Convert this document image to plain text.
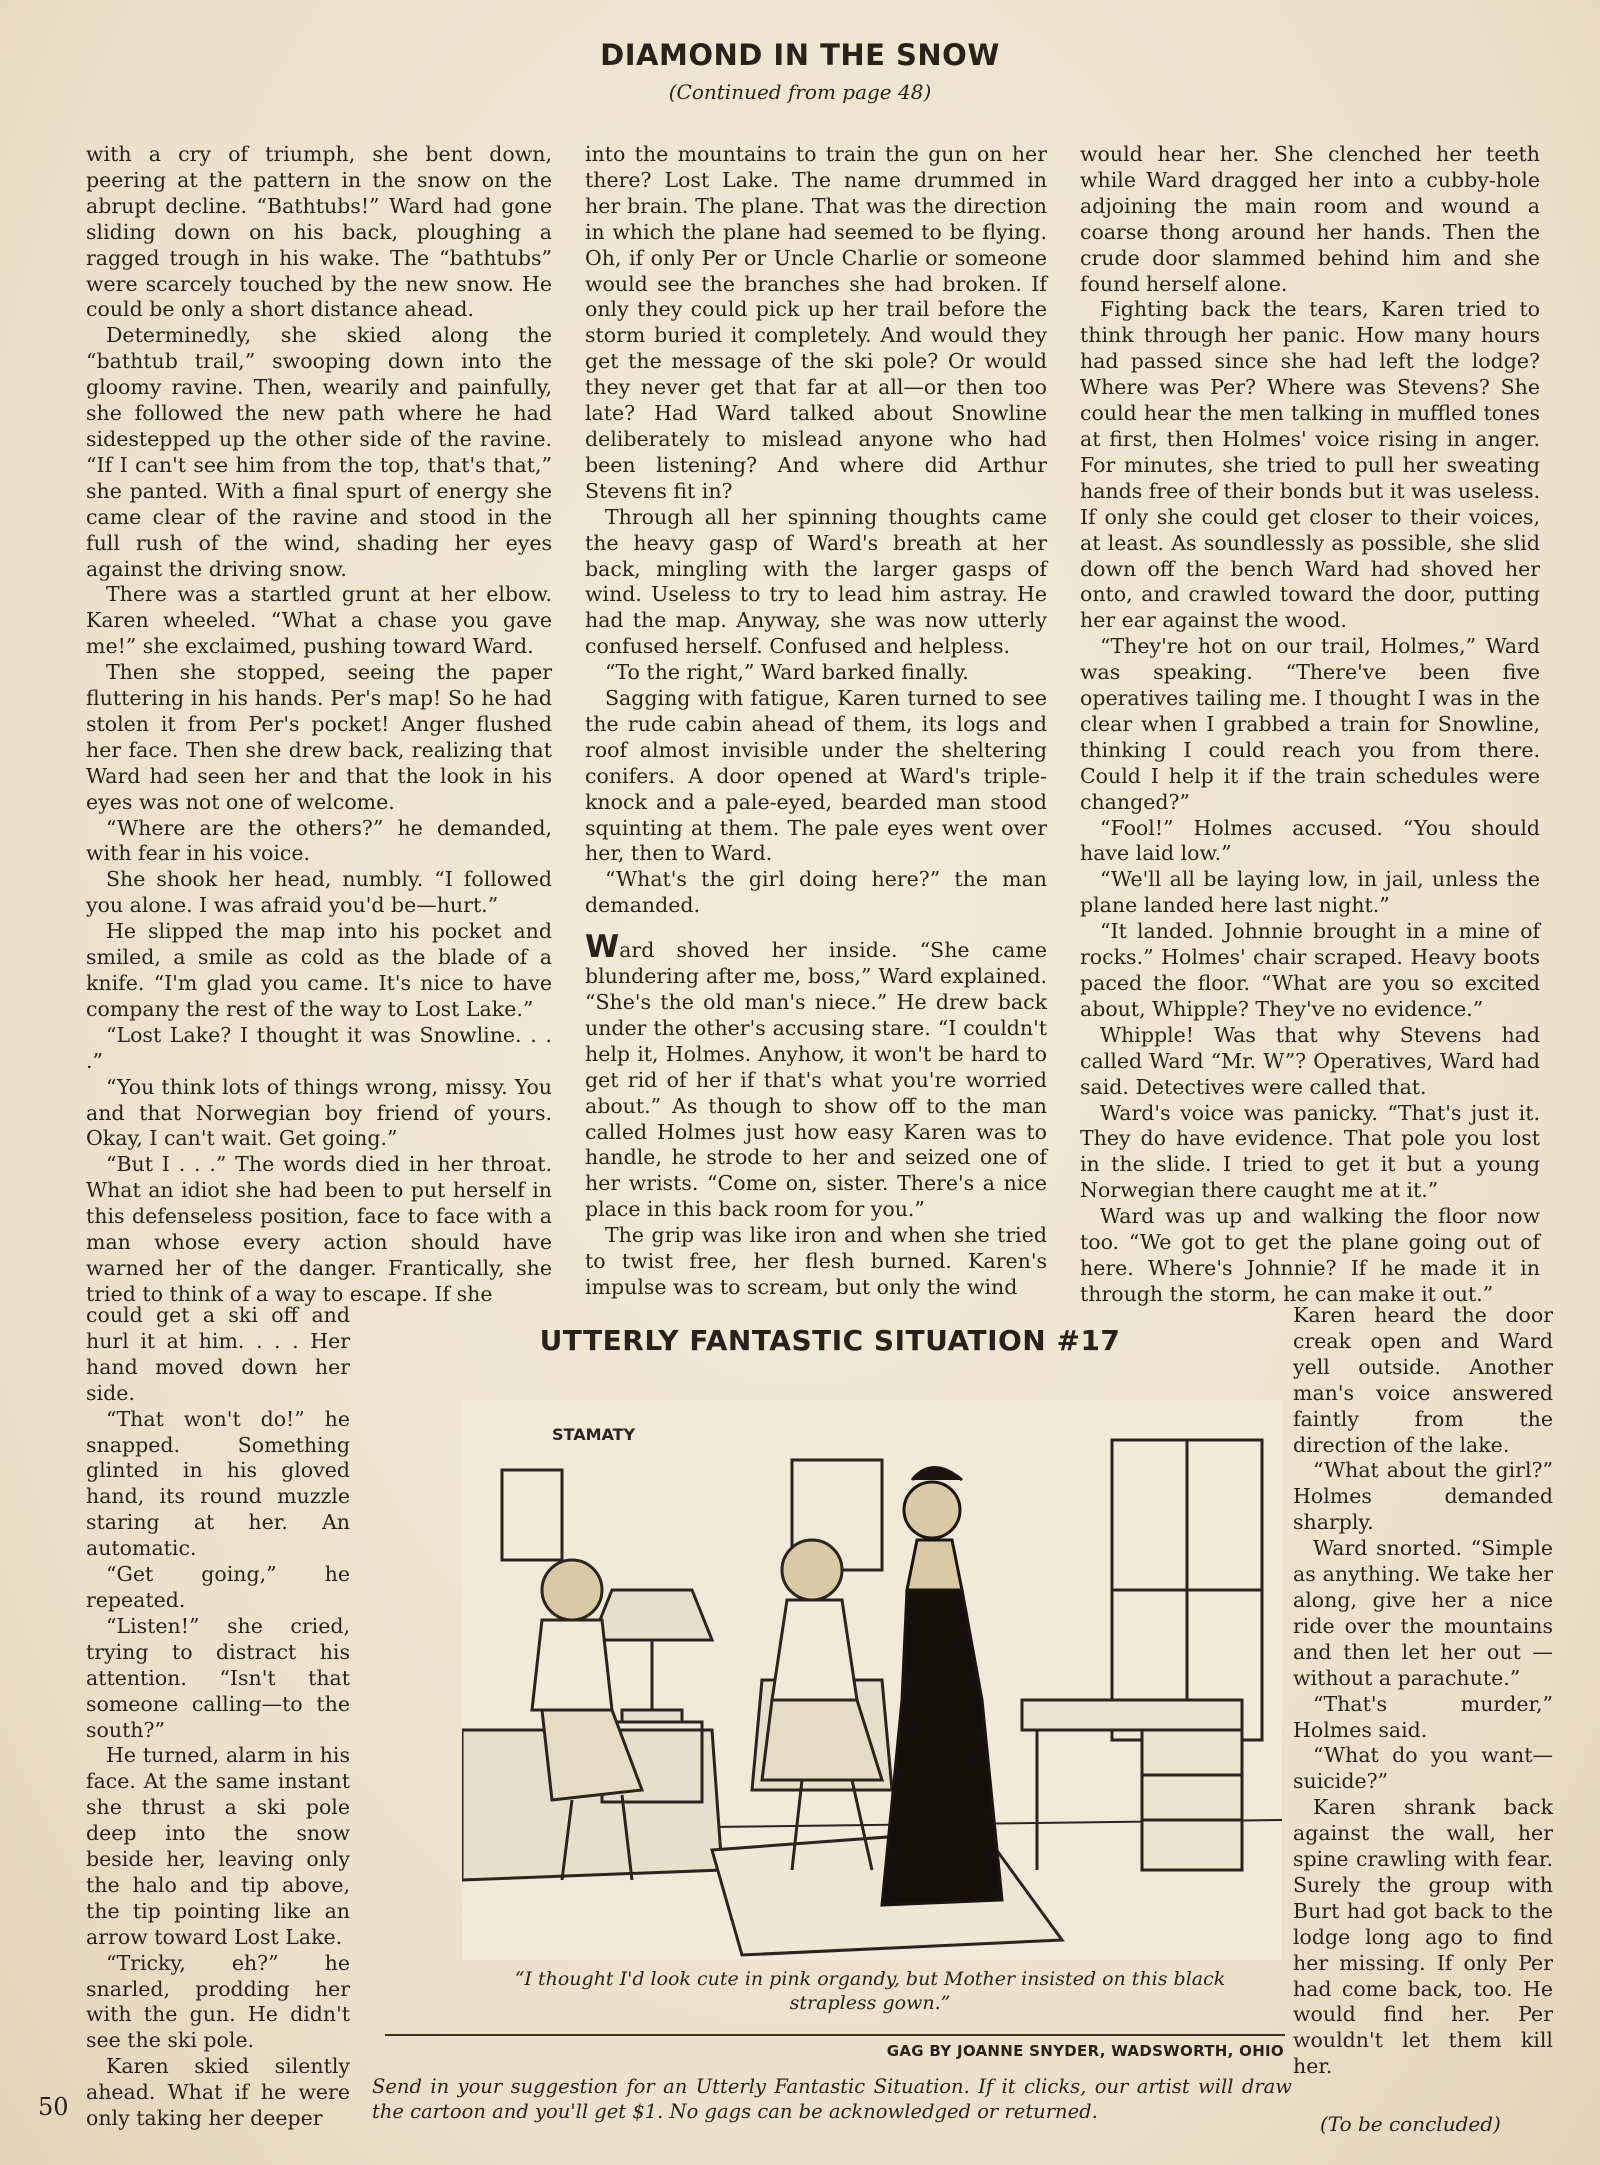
DIAMOND IN THE SNOW
(Continued from page 48)

with a cry of triumph, she bent down, peering at the pattern in the snow on the abrupt decline. “Bathtubs!” Ward had gone sliding down on his back, ploughing a ragged trough in his wake. The “bathtubs” were scarcely touched by the new snow. He could be only a short distance ahead.

Determinedly, she skied along the “bathtub trail,” swooping down into the gloomy ravine. Then, wearily and painfully, she followed the new path where he had sidestepped up the other side of the ravine. “If I can't see him from the top, that's that,” she panted. With a final spurt of energy she came clear of the ravine and stood in the full rush of the wind, shading her eyes against the driving snow.

There was a startled grunt at her elbow. Karen wheeled. “What a chase you gave me!” she exclaimed, pushing toward Ward.

Then she stopped, seeing the paper fluttering in his hands. Per's map! So he had stolen it from Per's pocket! Anger flushed her face. Then she drew back, realizing that Ward had seen her and that the look in his eyes was not one of welcome.

“Where are the others?” he demanded, with fear in his voice.

She shook her head, numbly. “I followed you alone. I was afraid you'd be—hurt.”

He slipped the map into his pocket and smiled, a smile as cold as the blade of a knife. “I'm glad you came. It's nice to have company the rest of the way to Lost Lake.”

“Lost Lake? I thought it was Snowline. . . .”

“You think lots of things wrong, missy. You and that Norwegian boy friend of yours. Okay, I can't wait. Get going.”

“But I . . .” The words died in her throat. What an idiot she had been to put herself in this defenseless position, face to face with a man whose every action should have warned her of the danger. Frantically, she tried to think of a way to escape. If she

could get a ski off and hurl it at him. . . . Her hand moved down her side.

“That won't do!” he snapped. Something glinted in his gloved hand, its round muzzle staring at her. An automatic.

“Get going,” he repeated.

“Listen!” she cried, trying to distract his attention. “Isn't that someone calling—to the south?”

He turned, alarm in his face. At the same instant she thrust a ski pole deep into the snow beside her, leaving only the halo and tip above, the tip pointing like an arrow toward Lost Lake.

“Tricky, eh?” he snarled, prodding her with the gun. He didn't see the ski pole.

Karen skied silently ahead. What if he were only taking her deeper

into the mountains to train the gun on her there? Lost Lake. The name drummed in her brain. The plane. That was the direction in which the plane had seemed to be flying. Oh, if only Per or Uncle Charlie or someone would see the branches she had broken. If only they could pick up her trail before the storm buried it completely. And would they get the message of the ski pole? Or would they never get that far at all—or then too late? Had Ward talked about Snowline deliberately to mislead anyone who had been listening? And where did Arthur Stevens fit in?

Through all her spinning thoughts came the heavy gasp of Ward's breath at her back, mingling with the larger gasps of wind. Useless to try to lead him astray. He had the map. Anyway, she was now utterly confused herself. Confused and helpless.

“To the right,” Ward barked finally.

Sagging with fatigue, Karen turned to see the rude cabin ahead of them, its logs and roof almost invisible under the sheltering conifers. A door opened at Ward's triple-knock and a pale-eyed, bearded man stood squinting at them. The pale eyes went over her, then to Ward.

“What's the girl doing here?” the man demanded.

Ward shoved her inside. “She came blundering after me, boss,” Ward explained. “She's the old man's niece.” He drew back under the other's accusing stare. “I couldn't help it, Holmes. Anyhow, it won't be hard to get rid of her if that's what you're worried about.” As though to show off to the man called Holmes just how easy Karen was to handle, he strode to her and seized one of her wrists. “Come on, sister. There's a nice place in this back room for you.”

The grip was like iron and when she tried to twist free, her flesh burned. Karen's impulse was to scream, but only the wind

would hear her. She clenched her teeth while Ward dragged her into a cubby-hole adjoining the main room and wound a coarse thong around her hands. Then the crude door slammed behind him and she found herself alone.

Fighting back the tears, Karen tried to think through her panic. How many hours had passed since she had left the lodge? Where was Per? Where was Stevens? She could hear the men talking in muffled tones at first, then Holmes' voice rising in anger. For minutes, she tried to pull her sweating hands free of their bonds but it was useless. If only she could get closer to their voices, at least. As soundlessly as possible, she slid down off the bench Ward had shoved her onto, and crawled toward the door, putting her ear against the wood.

“They're hot on our trail, Holmes,” Ward was speaking. “There've been five operatives tailing me. I thought I was in the clear when I grabbed a train for Snowline, thinking I could reach you from there. Could I help it if the train schedules were changed?”

“Fool!” Holmes accused. “You should have laid low.”

“We'll all be laying low, in jail, unless the plane landed here last night.”

“It landed. Johnnie brought in a mine of rocks.” Holmes' chair scraped. Heavy boots paced the floor. “What are you so excited about, Whipple? They've no evidence.”

Whipple! Was that why Stevens had called Ward “Mr. W”? Operatives, Ward had said. Detectives were called that.

Ward's voice was panicky. “That's just it. They do have evidence. That pole you lost in the slide. I tried to get it but a young Norwegian there caught me at it.”

Ward was up and walking the floor now too. “We got to get the plane going out of here. Where's Johnnie? If he made it in through the storm, he can make it out.”

Karen heard the door creak open and Ward yell outside. Another man's voice answered faintly from the direction of the lake.

“What about the girl?” Holmes demanded sharply.

Ward snorted. “Simple as anything. We take her along, give her a nice ride over the mountains and then let her out — without a parachute.”

“That's murder,” Holmes said.

“What do you want—suicide?”

Karen shrank back against the wall, her spine crawling with fear. Surely the group with Burt had got back to the lodge long ago to find her missing. If only Per had come back, too. He would find her. Per wouldn't let them kill her.

UTTERLY FANTASTIC SITUATION #17
STAMATY
“I thought I'd look cute in pink organdy, but Mother insisted on this black strapless gown.”
GAG BY JOANNE SNYDER, WADSWORTH, OHIO
Send in your suggestion for an Utterly Fantastic Situation. If it clicks, our artist will draw the cartoon and you'll get $1. No gags can be acknowledged or returned.
50
(To be concluded)
